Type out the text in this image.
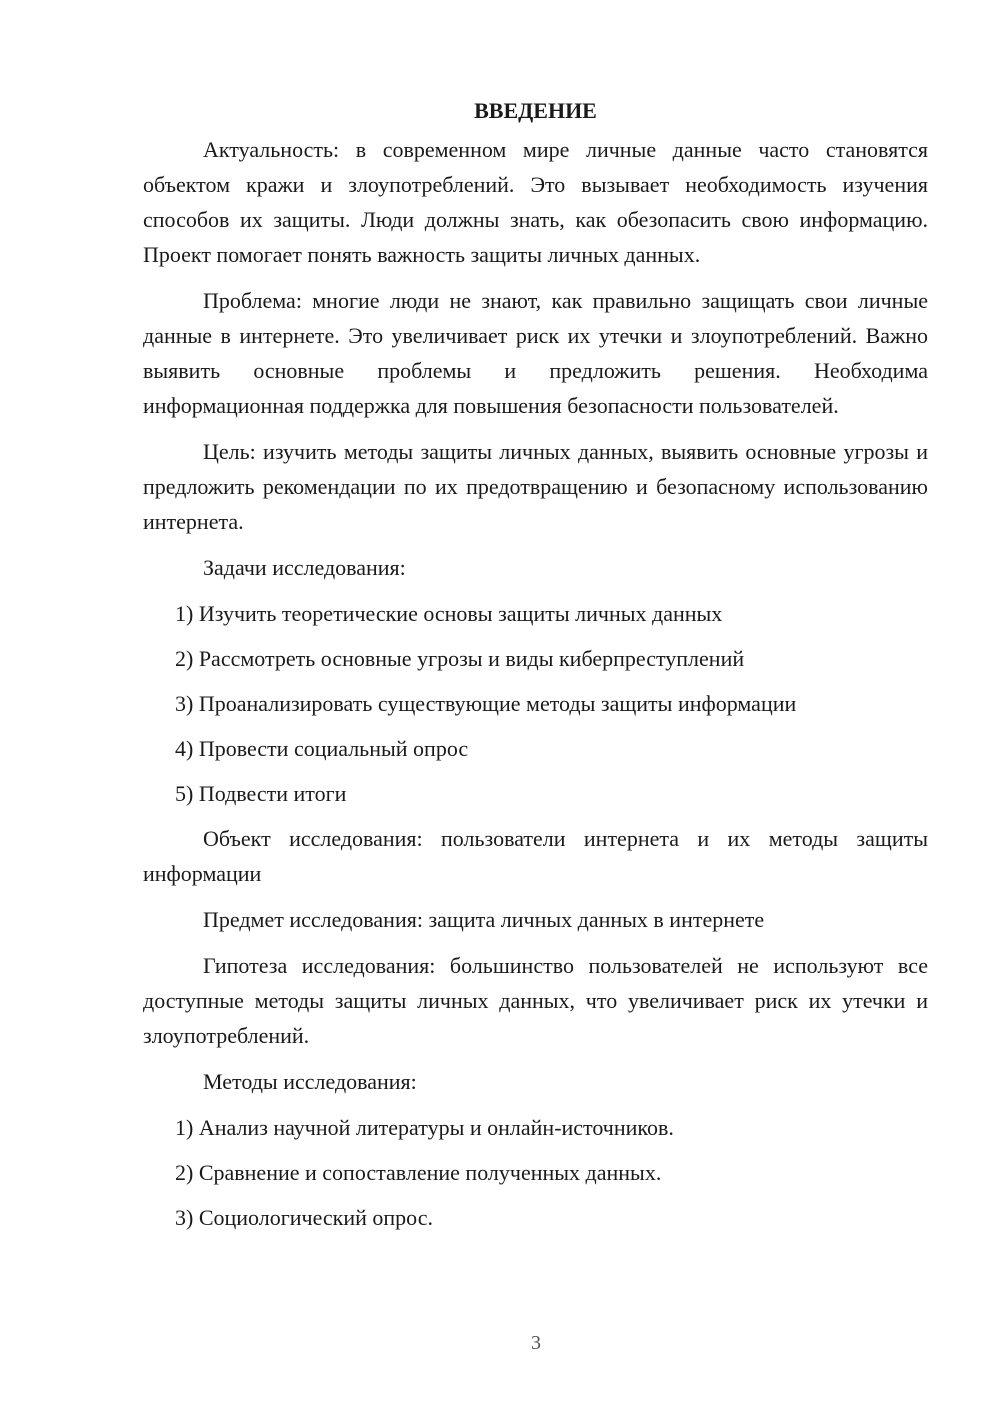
ВВЕДЕНИЕ

Актуальность: в современном мире личные данные часто становятся объектом кражи и злоупотреблений. Это вызывает необходимость изучения способов их защиты. Люди должны знать, как обезопасить свою информацию. Проект помогает понять важность защиты личных данных.

Проблема: многие люди не знают, как правильно защищать свои личные данные в интернете. Это увеличивает риск их утечки и злоупотреблений. Важно выявить основные проблемы и предложить решения. Необходима информационная поддержка для повышения безопасности пользователей.

Цель: изучить методы защиты личных данных, выявить основные угрозы и предложить рекомендации по их предотвращению и безопасному использованию интернета.

Задачи исследования:

1) Изучить теоретические основы защиты личных данных

2) Рассмотреть основные угрозы и виды киберпреступлений

3) Проанализировать существующие методы защиты информации

4) Провести социальный опрос

5) Подвести итоги

Объект исследования: пользователи интернета и их методы защиты информации

Предмет исследования: защита личных данных в интернете

Гипотеза исследования: большинство пользователей не используют все доступные методы защиты личных данных, что увеличивает риск их утечки и злоупотреблений.

Методы исследования:

1) Анализ научной литературы и онлайн-источников.

2) Сравнение и сопоставление полученных данных.

3) Социологический опрос.

3
